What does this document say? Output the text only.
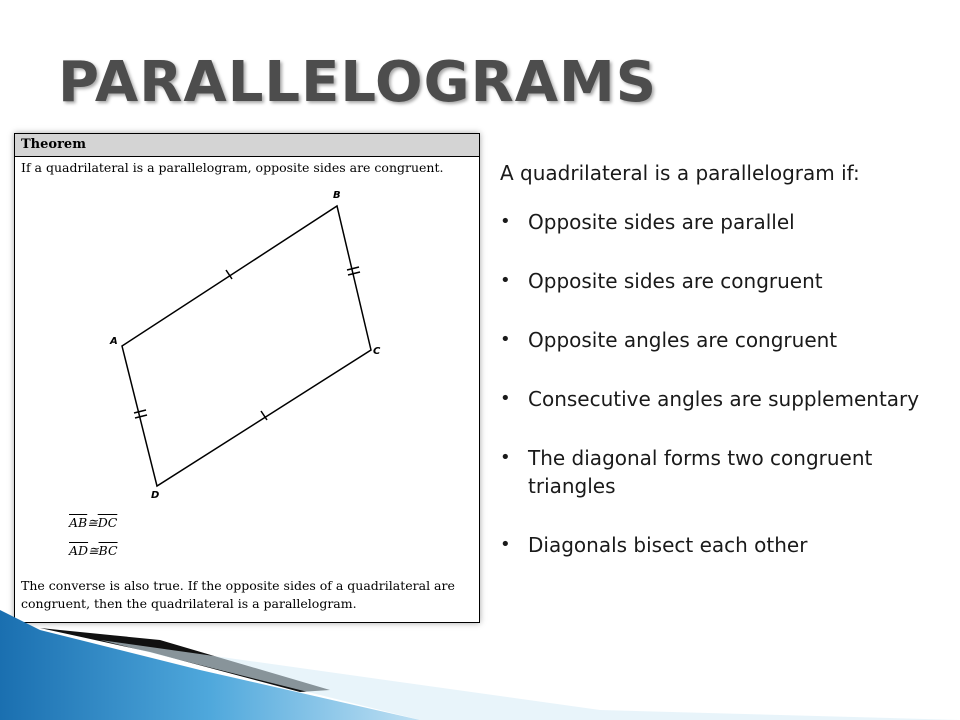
PARALLELOGRAMS
Theorem
If a quadrilateral is a parallelogram, opposite sides are congruent.
A
B
C
D
$\overline{AB}≅\overline{DC}$
$\overline{AD}≅\overline{BC}$
The converse is also true. If the opposite sides of a quadrilateral are congruent, then the quadrilateral is a parallelogram.

A quadrilateral is a parallelogram if:

• Opposite sides are parallel
• Opposite sides are congruent
• Opposite angles are congruent
• Consecutive angles are supplementary
• The diagonal forms two congruent triangles
• Diagonals bisect each other
